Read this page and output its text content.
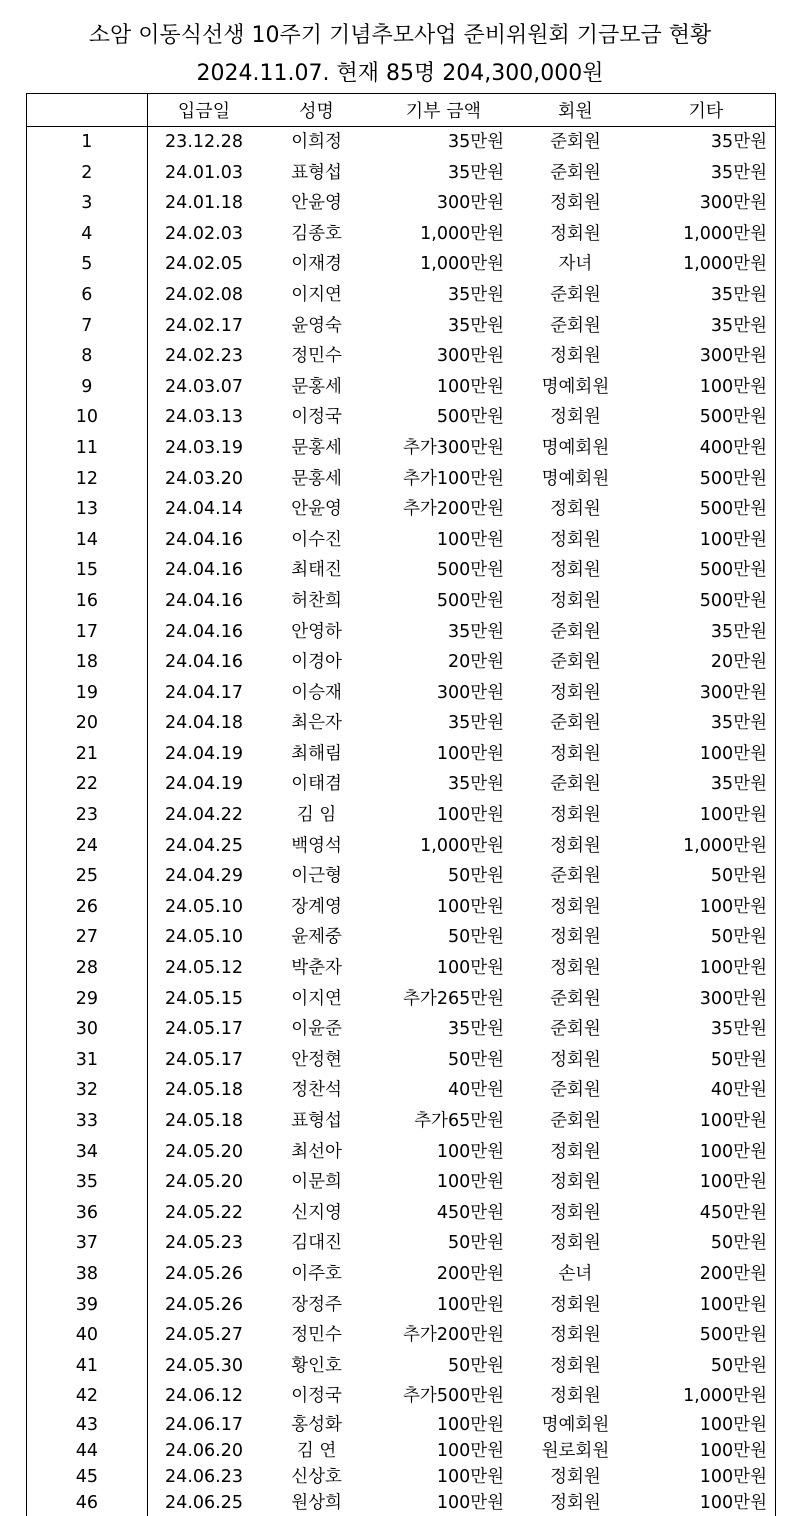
소암 이동식선생 10주기 기념추모사업 준비위원회 기금모금 현황
2024.11.07. 현재 85명 204,300,000원
	입금일	성명	기부 금액	회원	기타
1	23.12.28	이희정	35만원	준회원	35만원
2	24.01.03	표형섭	35만원	준회원	35만원
3	24.01.18	안윤영	300만원	정회원	300만원
4	24.02.03	김종호	1,000만원	정회원	1,000만원
5	24.02.05	이재경	1,000만원	자녀	1,000만원
6	24.02.08	이지연	35만원	준회원	35만원
7	24.02.17	윤영숙	35만원	준회원	35만원
8	24.02.23	정민수	300만원	정회원	300만원
9	24.03.07	문홍세	100만원	명예회원	100만원
10	24.03.13	이정국	500만원	정회원	500만원
11	24.03.19	문홍세	추가300만원	명예회원	400만원
12	24.03.20	문홍세	추가100만원	명예회원	500만원
13	24.04.14	안윤영	추가200만원	정회원	500만원
14	24.04.16	이수진	100만원	정회원	100만원
15	24.04.16	최태진	500만원	정회원	500만원
16	24.04.16	허찬희	500만원	정회원	500만원
17	24.04.16	안영하	35만원	준회원	35만원
18	24.04.16	이경아	20만원	준회원	20만원
19	24.04.17	이승재	300만원	정회원	300만원
20	24.04.18	최은자	35만원	준회원	35만원
21	24.04.19	최해림	100만원	정회원	100만원
22	24.04.19	이태겸	35만원	준회원	35만원
23	24.04.22	김 임	100만원	정회원	100만원
24	24.04.25	백영석	1,000만원	정회원	1,000만원
25	24.04.29	이근형	50만원	준회원	50만원
26	24.05.10	장계영	100만원	정회원	100만원
27	24.05.10	윤제중	50만원	정회원	50만원
28	24.05.12	박춘자	100만원	정회원	100만원
29	24.05.15	이지연	추가265만원	준회원	300만원
30	24.05.17	이윤준	35만원	준회원	35만원
31	24.05.17	안정현	50만원	정회원	50만원
32	24.05.18	정찬석	40만원	준회원	40만원
33	24.05.18	표형섭	추가65만원	준회원	100만원
34	24.05.20	최선아	100만원	정회원	100만원
35	24.05.20	이문희	100만원	정회원	100만원
36	24.05.22	신지영	450만원	정회원	450만원
37	24.05.23	김대진	50만원	정회원	50만원
38	24.05.26	이주호	200만원	손녀	200만원
39	24.05.26	장정주	100만원	정회원	100만원
40	24.05.27	정민수	추가200만원	정회원	500만원
41	24.05.30	황인호	50만원	정회원	50만원
42	24.06.12	이정국	추가500만원	정회원	1,000만원
43	24.06.17	홍성화	100만원	명예회원	100만원
44	24.06.20	김 연	100만원	원로회원	100만원
45	24.06.23	신상호	100만원	정회원	100만원
46	24.06.25	원상희	100만원	정회원	100만원
